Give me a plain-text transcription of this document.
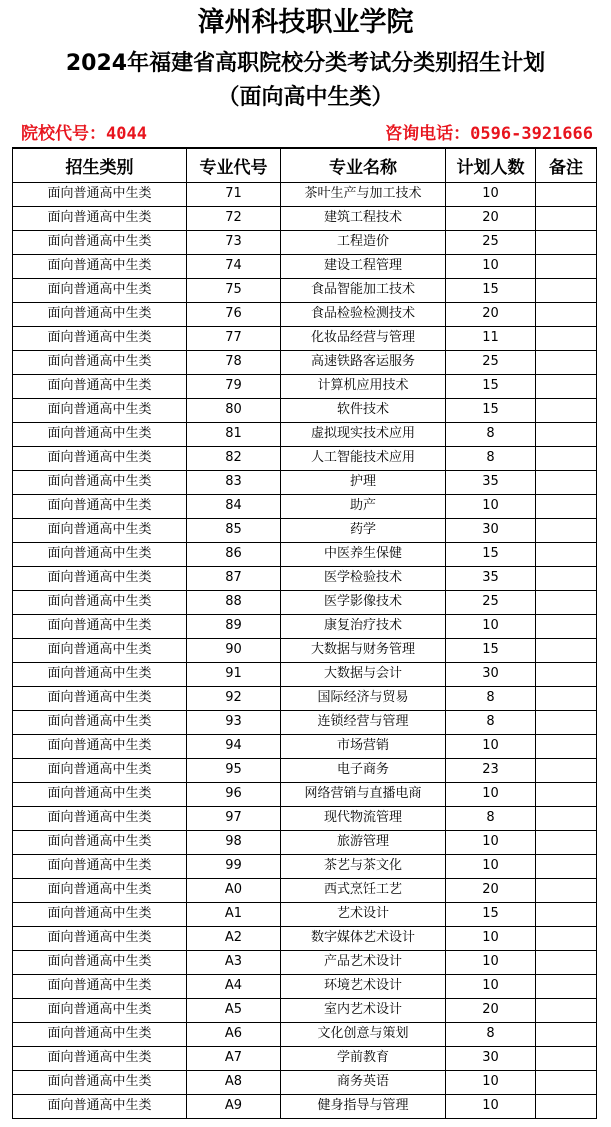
漳州科技职业学院
2024年福建省高职院校分类考试分类别招生计划
（面向高中生类）
院校代号：4044	咨询电话：0596-3921666
招生类别	专业代号	专业名称	计划人数	备注
面向普通高中生类	71	茶叶生产与加工技术	10	
面向普通高中生类	72	建筑工程技术	20	
面向普通高中生类	73	工程造价	25	
面向普通高中生类	74	建设工程管理	10	
面向普通高中生类	75	食品智能加工技术	15	
面向普通高中生类	76	食品检验检测技术	20	
面向普通高中生类	77	化妆品经营与管理	11	
面向普通高中生类	78	高速铁路客运服务	25	
面向普通高中生类	79	计算机应用技术	15	
面向普通高中生类	80	软件技术	15	
面向普通高中生类	81	虚拟现实技术应用	8	
面向普通高中生类	82	人工智能技术应用	8	
面向普通高中生类	83	护理	35	
面向普通高中生类	84	助产	10	
面向普通高中生类	85	药学	30	
面向普通高中生类	86	中医养生保健	15	
面向普通高中生类	87	医学检验技术	35	
面向普通高中生类	88	医学影像技术	25	
面向普通高中生类	89	康复治疗技术	10	
面向普通高中生类	90	大数据与财务管理	15	
面向普通高中生类	91	大数据与会计	30	
面向普通高中生类	92	国际经济与贸易	8	
面向普通高中生类	93	连锁经营与管理	8	
面向普通高中生类	94	市场营销	10	
面向普通高中生类	95	电子商务	23	
面向普通高中生类	96	网络营销与直播电商	10	
面向普通高中生类	97	现代物流管理	8	
面向普通高中生类	98	旅游管理	10	
面向普通高中生类	99	茶艺与茶文化	10	
面向普通高中生类	A0	西式烹饪工艺	20	
面向普通高中生类	A1	艺术设计	15	
面向普通高中生类	A2	数字媒体艺术设计	10	
面向普通高中生类	A3	产品艺术设计	10	
面向普通高中生类	A4	环境艺术设计	10	
面向普通高中生类	A5	室内艺术设计	20	
面向普通高中生类	A6	文化创意与策划	8	
面向普通高中生类	A7	学前教育	30	
面向普通高中生类	A8	商务英语	10	
面向普通高中生类	A9	健身指导与管理	10	
